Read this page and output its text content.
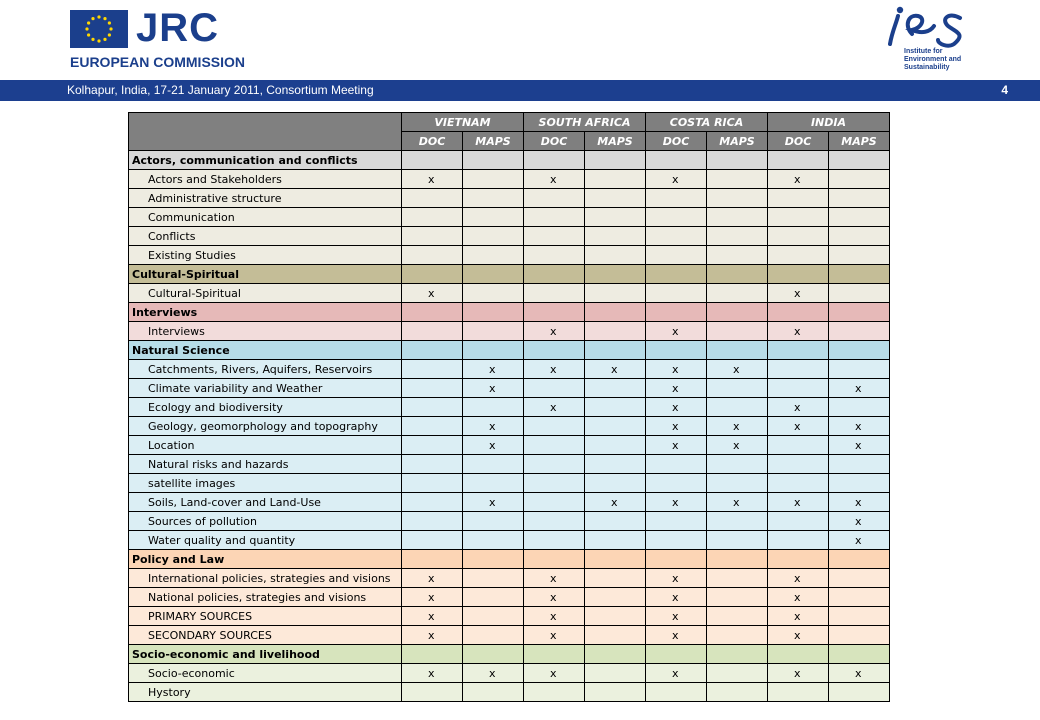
JRC
EUROPEAN COMMISSION
Institute for
Environment and
Sustainability
Kolhapur, India, 17-21 January 2011, Consortium Meeting	4
	VIETNAM		SOUTH AFRICA		COSTA RICA		INDIA	
	DOC	MAPS	DOC	MAPS	DOC	MAPS	DOC	MAPS
Actors, communication and conflicts								
Actors and Stakeholders	x		x		x		x	
Administrative structure								
Communication								
Conflicts								
Existing Studies								
Cultural-Spiritual								
Cultural-Spiritual	x						x	
Interviews								
Interviews			x		x		x	
Natural Science								
Catchments, Rivers, Aquifers, Reservoirs		x	x	x	x	x		
Climate variability and Weather		x			x			x
Ecology and biodiversity			x		x		x	
Geology, geomorphology and topography		x			x	x	x	x
Location		x			x	x		x
Natural risks and hazards								
satellite images								
Soils, Land-cover and Land-Use		x		x	x	x	x	x
Sources of pollution								x
Water quality and quantity								x
Policy and Law								
International policies, strategies and visions	x		x		x		x	
National policies, strategies and visions	x		x		x		x	
PRIMARY SOURCES	x		x		x		x	
SECONDARY SOURCES	x		x		x		x	
Socio-economic and livelihood								
Socio-economic	x	x	x		x		x	x
Hystory								
